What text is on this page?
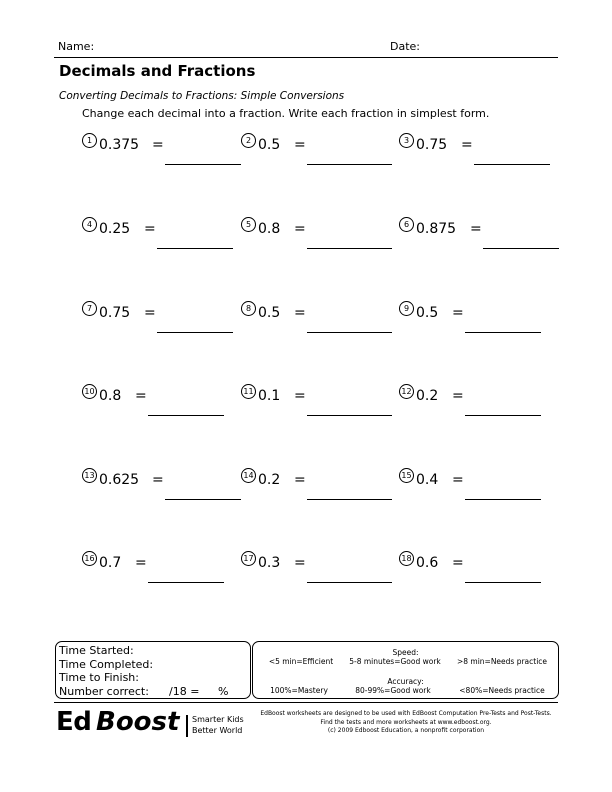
Name:	Date:
Decimals and Fractions
Converting Decimals to Fractions: Simple Conversions
Change each decimal into a fraction. Write each fraction in simplest form.
1 0.375 =	2 0.5 =	3 0.75 =
4 0.25 =	5 0.8 =	6 0.875 =
7 0.75 =	8 0.5 =	9 0.5 =
10 0.8 =	11 0.1 =	12 0.2 =
13 0.625 =	14 0.2 =	15 0.4 =
16 0.7 =	17 0.3 =	18 0.6 =
Time Started:
Time Completed:
Time to Finish:
Number correct: /18 = %
Speed:
<5 min=Efficient	5-8 minutes=Good work	>8 min=Needs practice
Accuracy:
100%=Mastery	80-99%=Good work	<80%=Needs practice
Ed Boost Smarter Kids
Better World
EdBoost worksheets are designed to be used with EdBoost Computation Pre-Tests and Post-Tests.
Find the tests and more worksheets at www.edboost.org.
(c) 2009 Edboost Education, a nonprofit corporation
